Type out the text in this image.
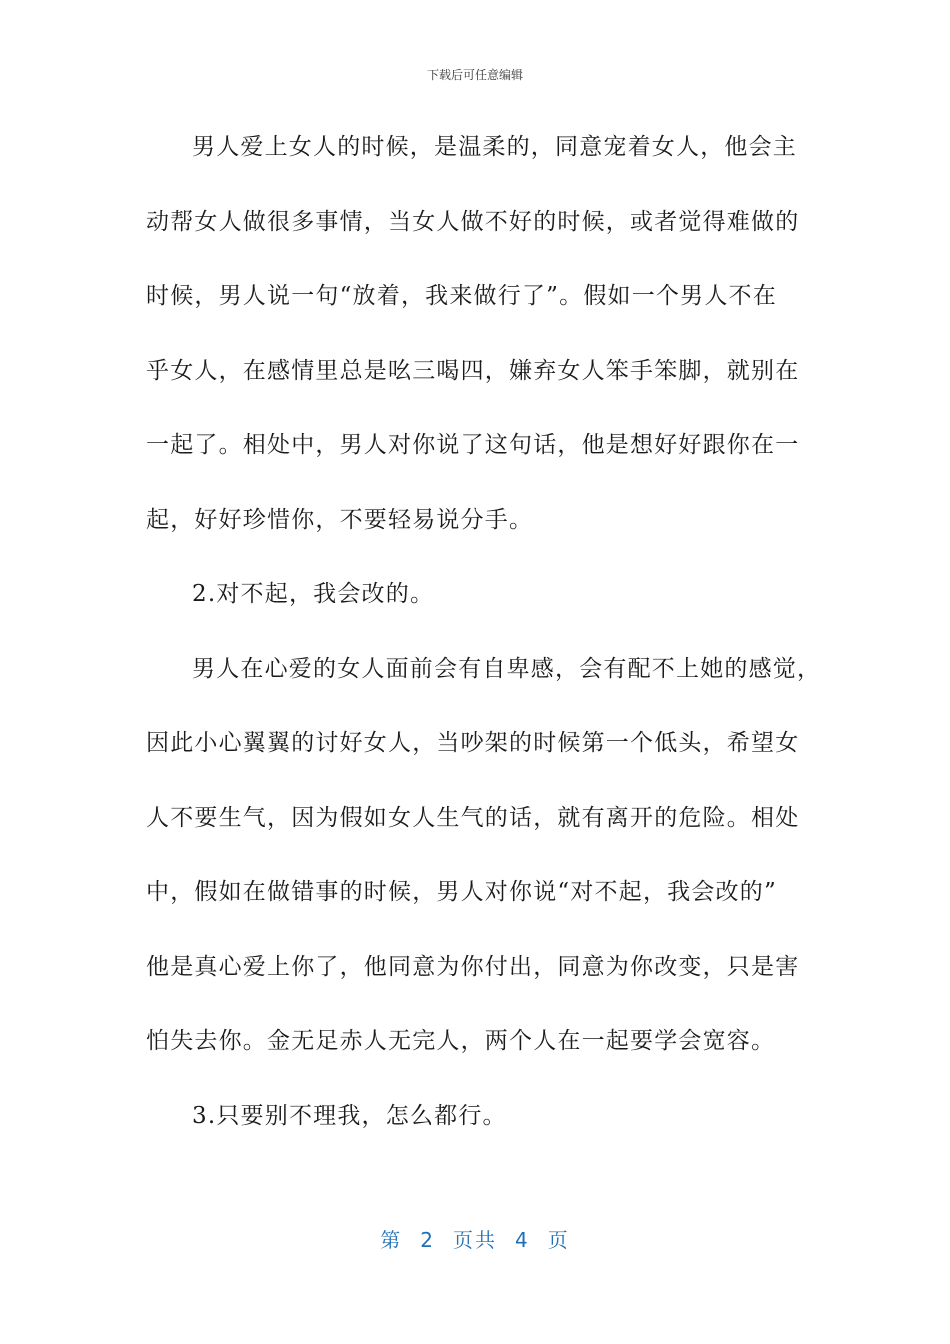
下载后可任意编辑

男人爱上女人的时候，是温柔的，同意宠着女人，他会主
动帮女人做很多事情，当女人做不好的时候，或者觉得难做的
时候，男人说一句“放着，我来做行了”。假如一个男人不在
乎女人，在感情里总是吆三喝四，嫌弃女人笨手笨脚，就别在
一起了。相处中，男人对你说了这句话，他是想好好跟你在一
起，好好珍惜你，不要轻易说分手。

2.对不起，我会改的。

男人在心爱的女人面前会有自卑感，会有配不上她的感觉，
因此小心翼翼的讨好女人，当吵架的时候第一个低头，希望女
人不要生气，因为假如女人生气的话，就有离开的危险。相处
中，假如在做错事的时候，男人对你说“对不起，我会改的”
他是真心爱上你了，他同意为你付出，同意为你改变，只是害
怕失去你。金无足赤人无完人，两个人在一起要学会宽容。

3.只要别不理我，怎么都行。

第 2 页共 4 页
